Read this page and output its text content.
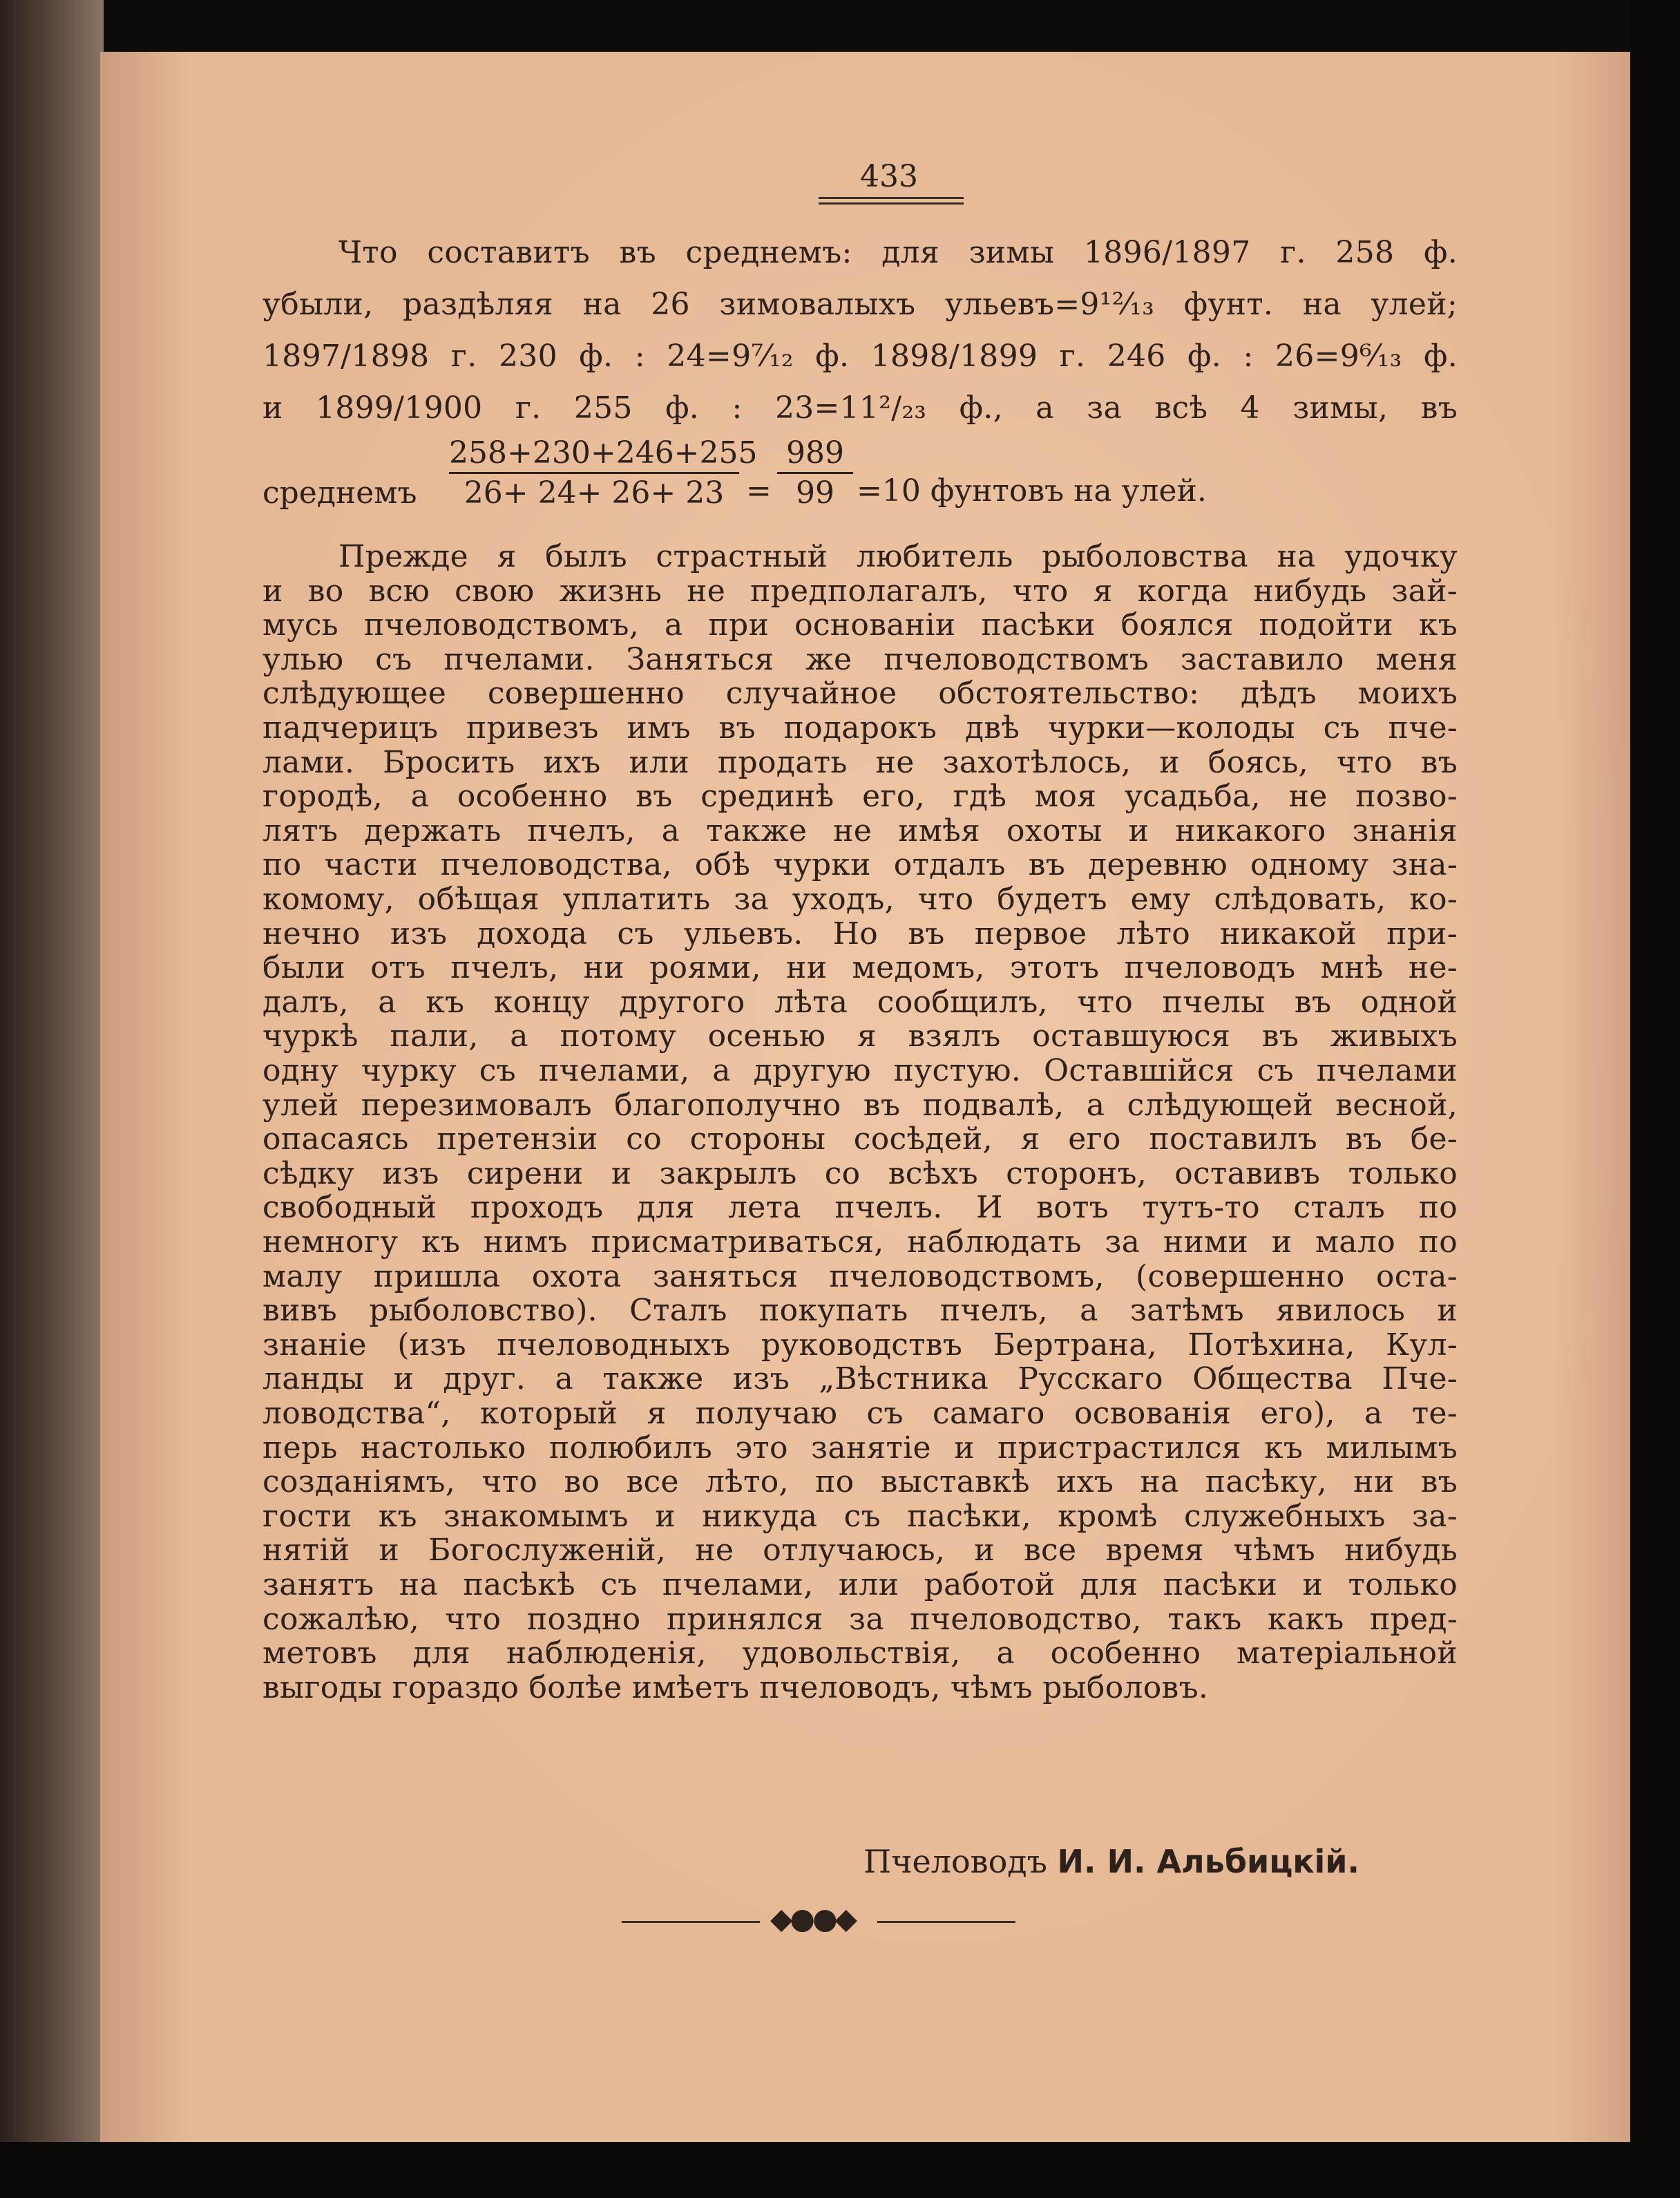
433
Что составитъ въ среднемъ: для зимы 1896/1897 г. 258 ф.
убыли, раздѣляя на 26 зимовалыхъ ульевъ=9¹²⁄₁₃ фунт. на улей;
1897/1898 г. 230 ф. : 24=9⁷⁄₁₂ ф. 1898/1899 г. 246 ф. : 26=9⁶⁄₁₃ ф.
и 1899/1900 г. 255 ф. : 23=11²/₂₃ ф., а за всѣ 4 зимы, въ
среднемъ
258+230+246+255
26+ 24+ 26+ 23 =
989
99 =10 фунтовъ на улей.
Прежде я былъ страстный любитель рыболовства на удочку
и во всю свою жизнь не предполагалъ, что я когда нибудь зай-
мусь пчеловодствомъ, а при основаніи пасѣки боялся подойти къ
улью съ пчелами. Заняться же пчеловодствомъ заставило меня
слѣдующее совершенно случайное обстоятельство: дѣдъ моихъ
падчерицъ привезъ имъ въ подарокъ двѣ чурки—колоды съ пче-
лами. Бросить ихъ или продать не захотѣлось, и боясь, что въ
городѣ, а особенно въ срединѣ его, гдѣ моя усадьба, не позво-
лятъ держать пчелъ, а также не имѣя охоты и никакого знанія
по части пчеловодства, обѣ чурки отдалъ въ деревню одному зна-
комому, обѣщая уплатить за уходъ, что будетъ ему слѣдовать, ко-
нечно изъ дохода съ ульевъ. Но въ первое лѣто никакой при-
были отъ пчелъ, ни роями, ни медомъ, этотъ пчеловодъ мнѣ не-
далъ, а къ концу другого лѣта сообщилъ, что пчелы въ одной
чуркѣ пали, а потому осенью я взялъ оставшуюся въ живыхъ
одну чурку съ пчелами, а другую пустую. Оставшійся съ пчелами
улей перезимовалъ благополучно въ подвалѣ, а слѣдующей весной,
опасаясь претензіи со стороны сосѣдей, я его поставилъ въ бе-
сѣдку изъ сирени и закрылъ со всѣхъ сторонъ, оставивъ только
свободный проходъ для лета пчелъ. И вотъ тутъ-то сталъ по
немногу къ нимъ присматриваться, наблюдать за ними и мало по
малу пришла охота заняться пчеловодствомъ, (совершенно оста-
вивъ рыболовство). Сталъ покупать пчелъ, а затѣмъ явилось и
знаніе (изъ пчеловодныхъ руководствъ Бертрана, Потѣхина, Кул-
ланды и друг. а также изъ „Вѣстника Русскаго Общества Пче-
ловодства“, который я получаю съ самаго освованія его), а те-
перь настолько полюбилъ это занятіе и пристрастился къ милымъ
созданіямъ, что во все лѣто, по выставкѣ ихъ на пасѣку, ни въ
гости къ знакомымъ и никуда съ пасѣки, кромѣ служебныхъ за-
нятій и Богослуженій, не отлучаюсь, и все время чѣмъ нибудь
занятъ на пасѣкѣ съ пчелами, или работой для пасѣки и только
сожалѣю, что поздно принялся за пчеловодство, такъ какъ пред-
метовъ для наблюденія, удовольствія, а особенно матеріальной
выгоды гораздо болѣе имѣетъ пчеловодъ, чѣмъ рыболовъ.
Пчеловодъ И. И. Альбицкій.
◆●●◆
